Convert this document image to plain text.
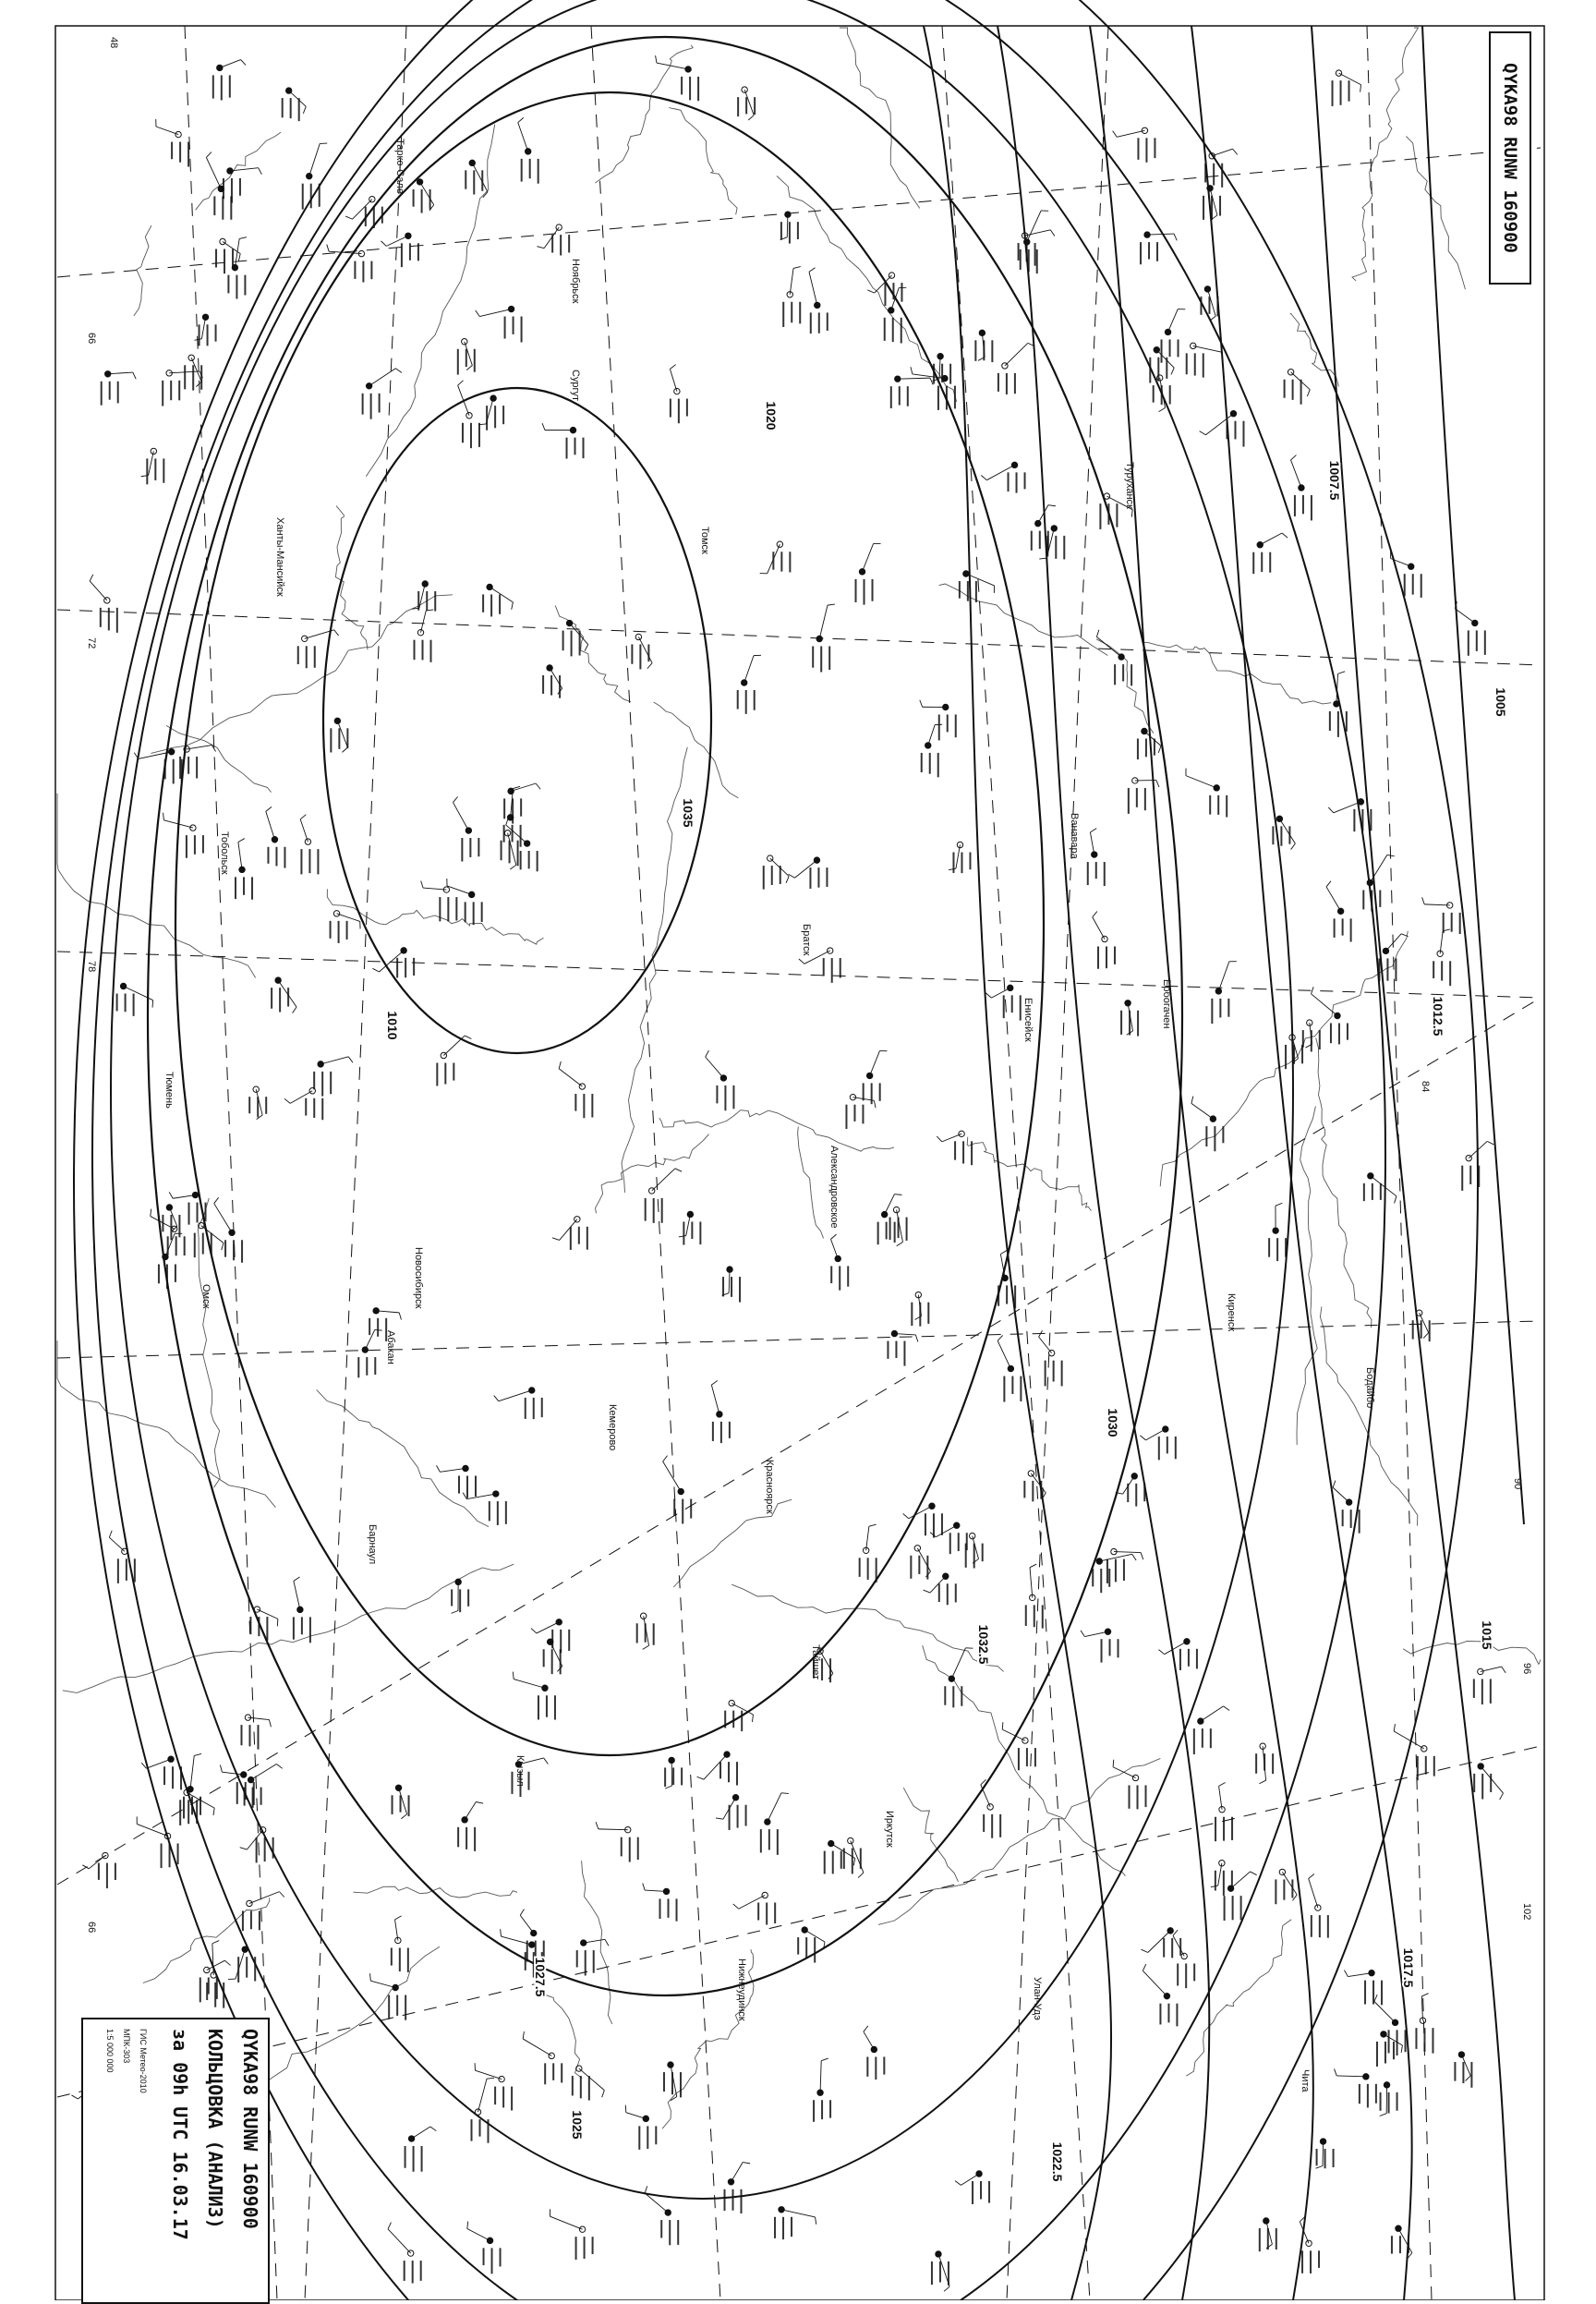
48
66
72
78
84
90
96
102
66
1035
1032.5
1030
1027.5
1025
1022.5
1020
1017.5
1015
1012.5
1010
1007.5
1005
Тарко-Сале
Ноябрьск
Сургут
Ханты-Мансийск
Тобольск
Тюмень
Томск
Новосибирск
Омск
Барнаул
Кемерово
Красноярск
Иркутск
Абакан
Кызыл
Улан-Удэ
Чита
Братск
Александровское
Енисейск
Туруханск
Ванавара
Киренск
Ербогачен
Нижнеудинск
Тайшет
Бодайбо
QYKA98 RUNW 160900
QYKA98 RUNW 160900
КОЛЬЦОВКА (АНАЛИЗ)
за 09h UTC 16.03.17
ГИС Метео-2010
МПК-303
1:5 000 000
